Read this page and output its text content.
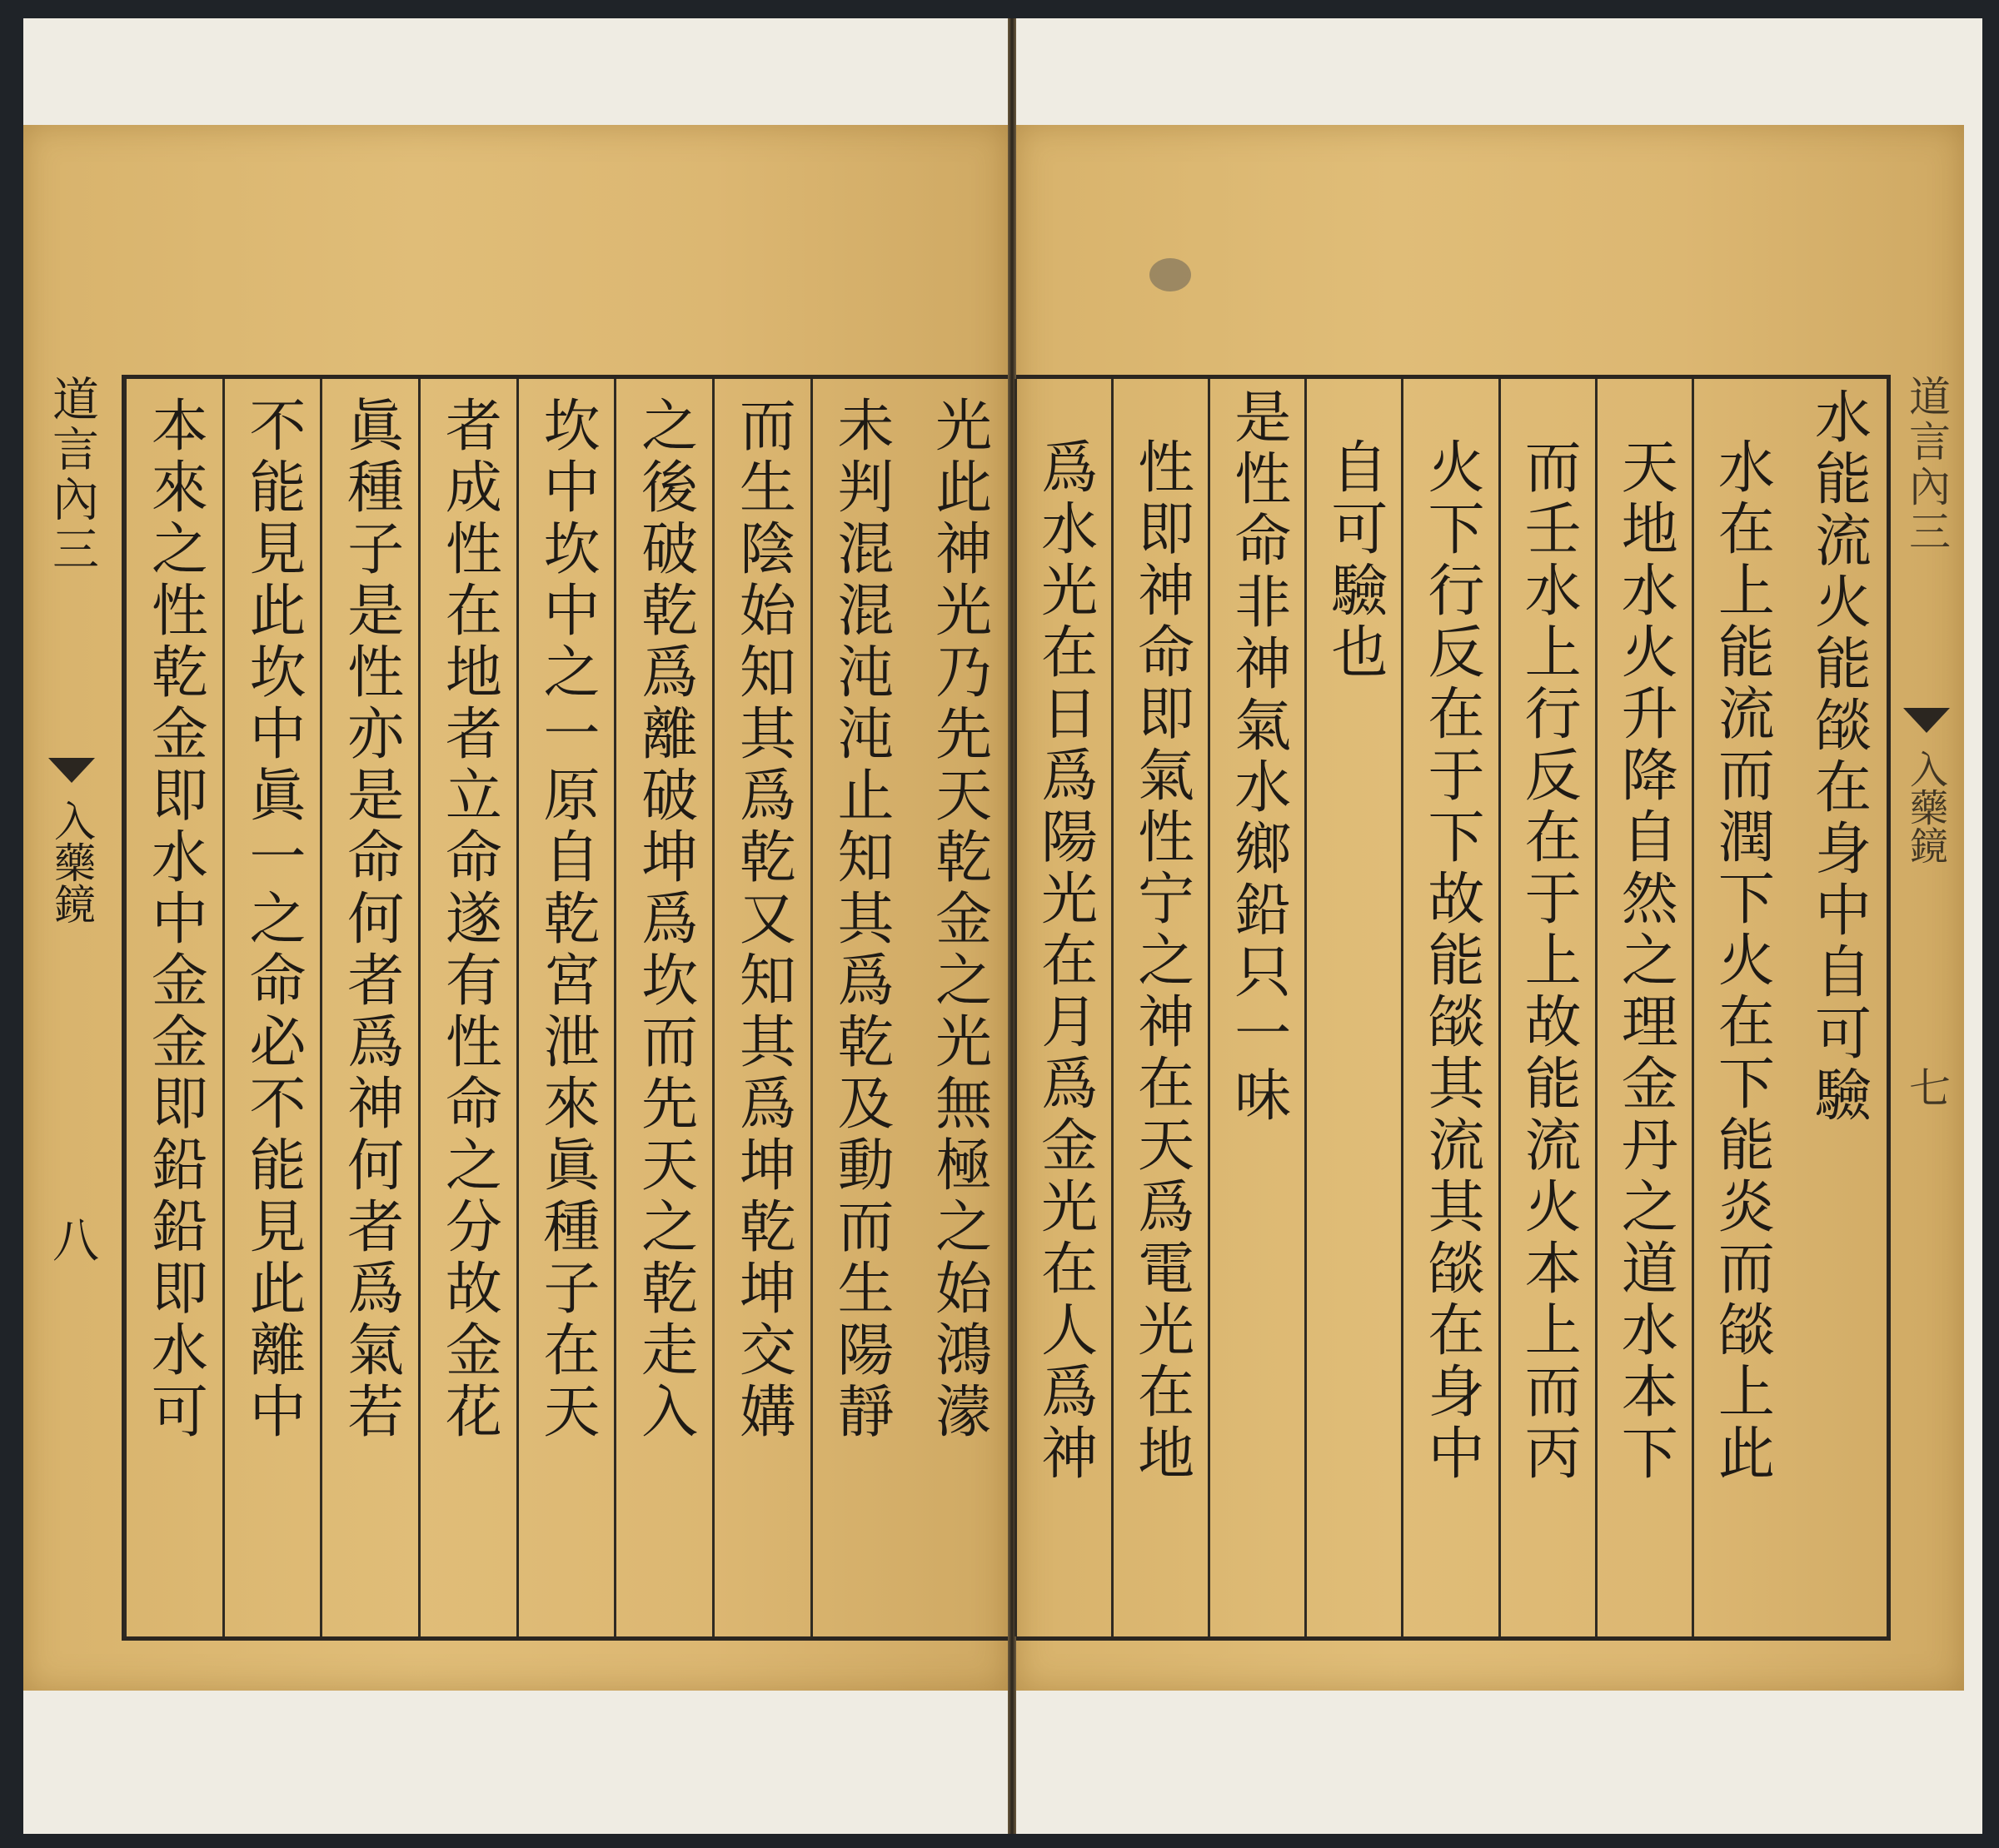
道言內三
入藥鏡
八	光此神光乃先天乾金之光無極之始鴻濛
未判混混沌沌止知其爲乾及動而生陽靜
而生陰始知其爲乾又知其爲坤乾坤交媾
之後破乾爲離破坤爲坎而先天之乾走入
坎中坎中之一原自乾宮泄來眞種子在天
者成性在地者立命遂有性命之分故金花
眞種子是性亦是命何者爲神何者爲氣若
不能見此坎中眞一之命必不能見此離中
本來之性乾金即水中金金即鉛鉛即水可	水能流火能燄在身中自可驗
水在上能流而潤下火在下能炎而燄上此
天地水火升降自然之理金丹之道水本下
而壬水上行反在于上故能流火本上而丙
火下行反在于下故能燄其流其燄在身中
自可驗也
是性命非神氣水鄉鉛只一味
性即神命即氣性宁之神在天爲電光在地
爲水光在日爲陽光在月爲金光在人爲神	道言內三
入藥鏡
七
